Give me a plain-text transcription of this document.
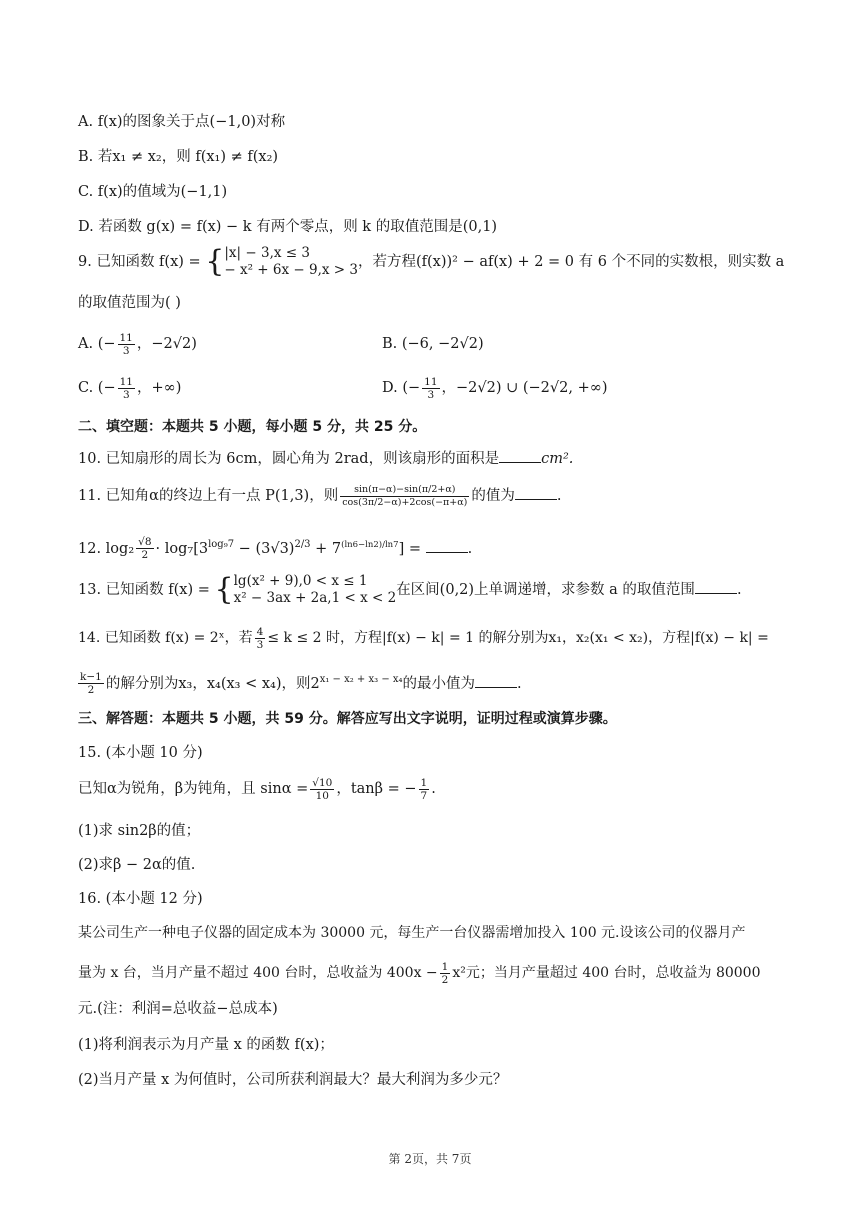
A. f(x)的图象关于点(−1,0)对称
B. 若x₁ ≠ x₂，则 f(x₁) ≠ f(x₂)
C. f(x)的值域为(−1,1)
D. 若函数 g(x) = f(x) − k 有两个零点，则 k 的取值范围是(0,1)
9. 已知函数 f(x) = { |x| − 3,x ≤ 3
− x² + 6x − 9,x > 3 ，若方程(f(x))² − af(x) + 2 = 0 有 6 个不同的实数根，则实数 a
的取值范围为( )
A. (− $\frac{11}{3}$ ，−2√2)	B. (−6, −2√2)
C. (− $\frac{11}{3}$ ，+∞)	D. (− $\frac{11}{3}$ ，−2√2) ∪ (−2√2, +∞)
二、填空题：本题共 5 小题，每小题 5 分，共 25 分。
10. 已知扇形的周长为 6cm，圆心角为 2rad，则该扇形的面积是	cm².
11. 已知角α的终边上有一点 P(1,3)，则 $\frac{\sin(\pi-\alpha)-\sin(\pi/2+\alpha)}{\cos(3\pi/2-\alpha)+2\cos(-\pi+\alpha)}$ 的值为	.
12. $\log_2 \frac{√8}{2} \cdot \log_7[3^{log_97} - (3√3)^{2/3} + 7^{(ln6-ln2)/ln7}]$ =	.
13. 已知函数 f(x) = { lg(x² + 9),0 < x ≤ 1
x² − 3ax + 2a,1 < x < 2 在区间(0,2)上单调递增，求参数 a 的取值范围	.
14. 已知函数 f(x) = 2ˣ，若 $\frac{4}{3} \le k \le 2$ 时，方程|f(x) − k| = 1 的解分别为x₁，x₂(x₁ < x₂)，方程|f(x) − k| =
$\frac{k-1}{2}$ 的解分别为x₃，x₄(x₃ < x₄)，则$2^{x_1 - x_2 + x_3 - x_4}$的最小值为	.
三、解答题：本题共 5 小题，共 59 分。解答应写出文字说明，证明过程或演算步骤。
15. (本小题 10 分)
已知α为锐角，β为钝角，且 $\sin\alpha = \frac{√10}{10}$ ，tanβ = − $\frac{1}{7}$ .
(1)求 sin2β的值；
(2)求β − 2α的值.
16. (本小题 12 分)
某公司生产一种电子仪器的固定成本为 30000 元，每生产一台仪器需增加投入 100 元.设该公司的仪器月产
量为 x 台，当月产量不超过 400 台时，总收益为 $400x - \frac{1}{2} x^2$元；当月产量超过 400 台时，总收益为 80000
元.(注：利润=总收益−总成本)
(1)将利润表示为月产量 x 的函数 f(x)；
(2)当月产量 x 为何值时，公司所获利润最大？最大利润为多少元？
第 2页，共 7页
